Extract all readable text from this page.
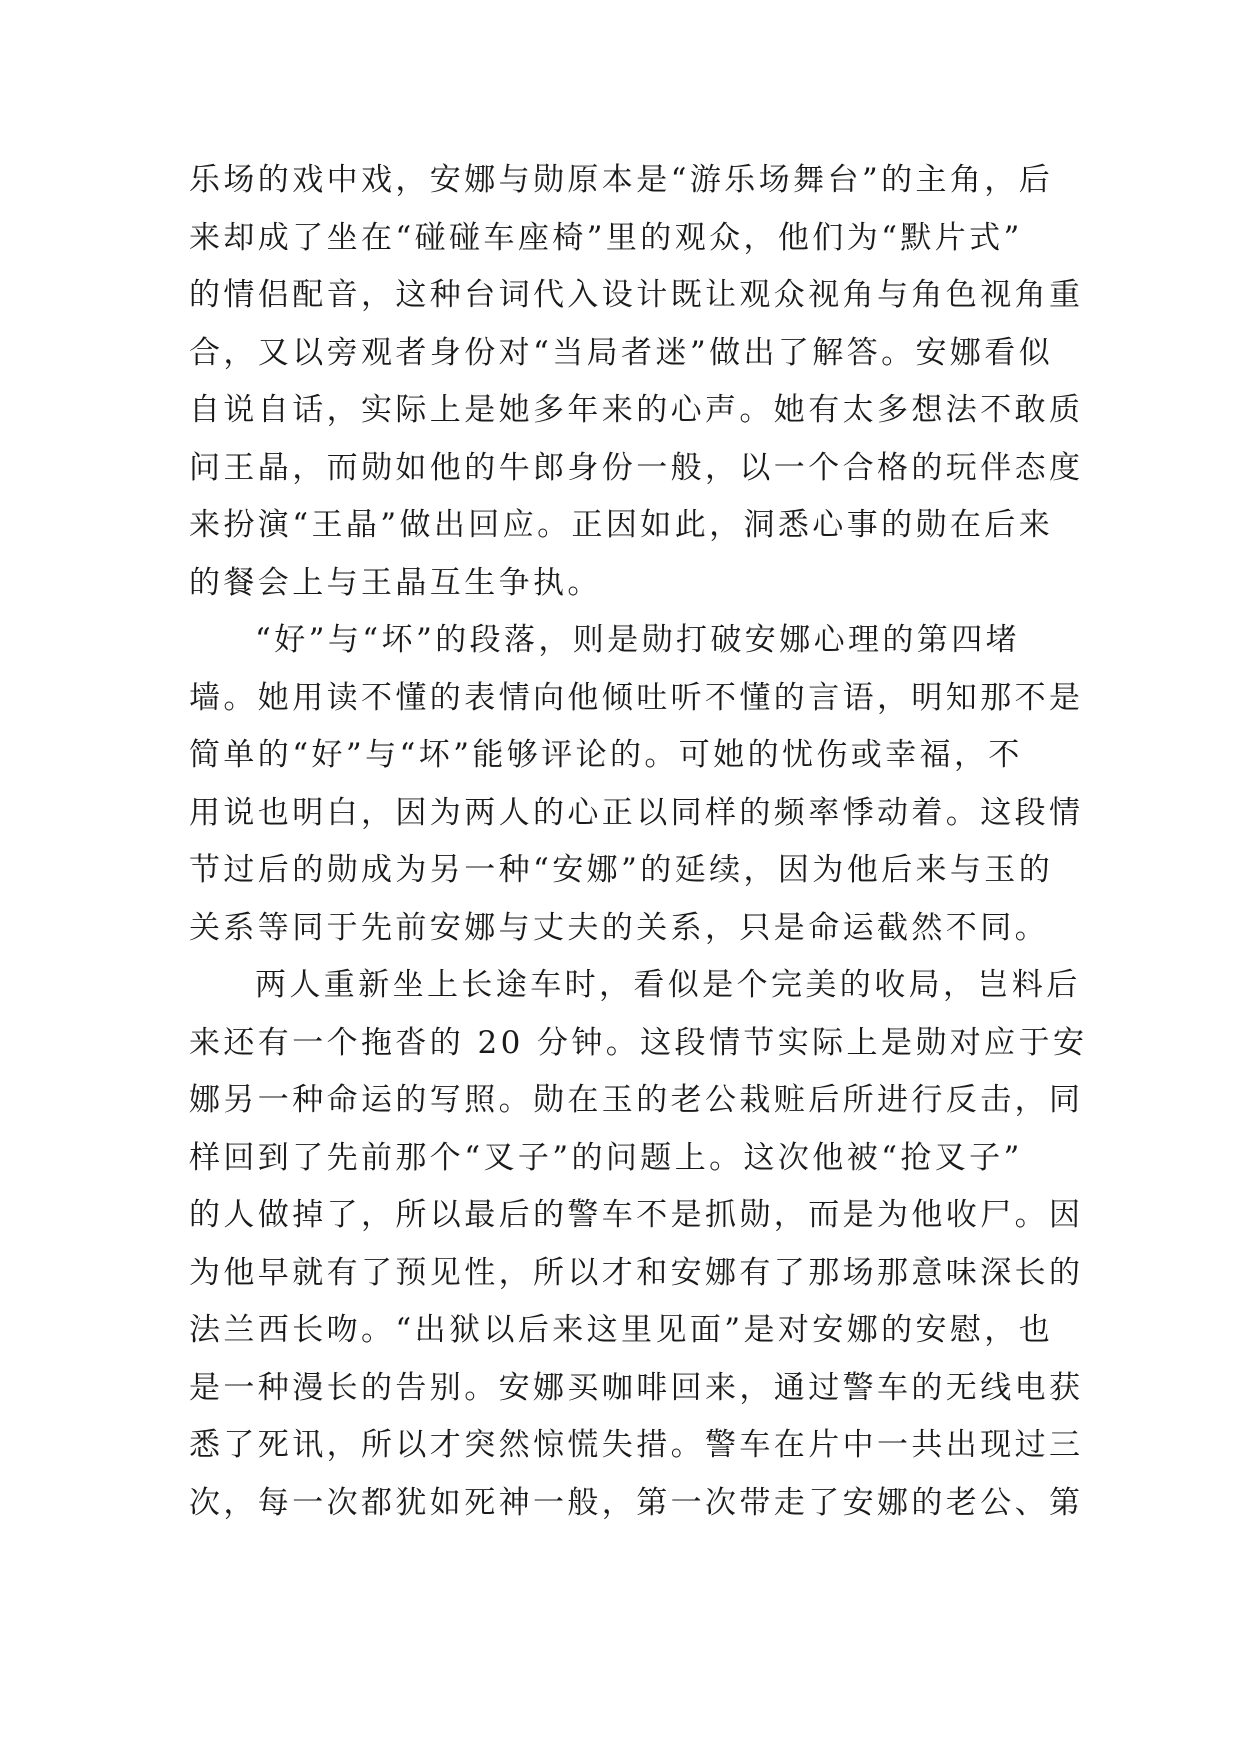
乐场的戏中戏，安娜与勋原本是“游乐场舞台”的主角，后
来却成了坐在“碰碰车座椅”里的观众，他们为“默片式”
的情侣配音，这种台词代入设计既让观众视角与角色视角重
合，又以旁观者身份对“当局者迷”做出了解答。安娜看似
自说自话，实际上是她多年来的心声。她有太多想法不敢质
问王晶，而勋如他的牛郎身份一般，以一个合格的玩伴态度
来扮演“王晶”做出回应。正因如此，洞悉心事的勋在后来
的餐会上与王晶互生争执。
“好”与“坏”的段落，则是勋打破安娜心理的第四堵
墙。她用读不懂的表情向他倾吐听不懂的言语，明知那不是
简单的“好”与“坏”能够评论的。可她的忧伤或幸福，不
用说也明白，因为两人的心正以同样的频率悸动着。这段情
节过后的勋成为另一种“安娜”的延续，因为他后来与玉的
关系等同于先前安娜与丈夫的关系，只是命运截然不同。
两人重新坐上长途车时，看似是个完美的收局，岂料后
来还有一个拖沓的 20 分钟。这段情节实际上是勋对应于安
娜另一种命运的写照。勋在玉的老公栽赃后所进行反击，同
样回到了先前那个“叉子”的问题上。这次他被“抢叉子”
的人做掉了，所以最后的警车不是抓勋，而是为他收尸。因
为他早就有了预见性，所以才和安娜有了那场那意味深长的
法兰西长吻。“出狱以后来这里见面”是对安娜的安慰，也
是一种漫长的告别。安娜买咖啡回来，通过警车的无线电获
悉了死讯，所以才突然惊慌失措。警车在片中一共出现过三
次，每一次都犹如死神一般，第一次带走了安娜的老公、第
